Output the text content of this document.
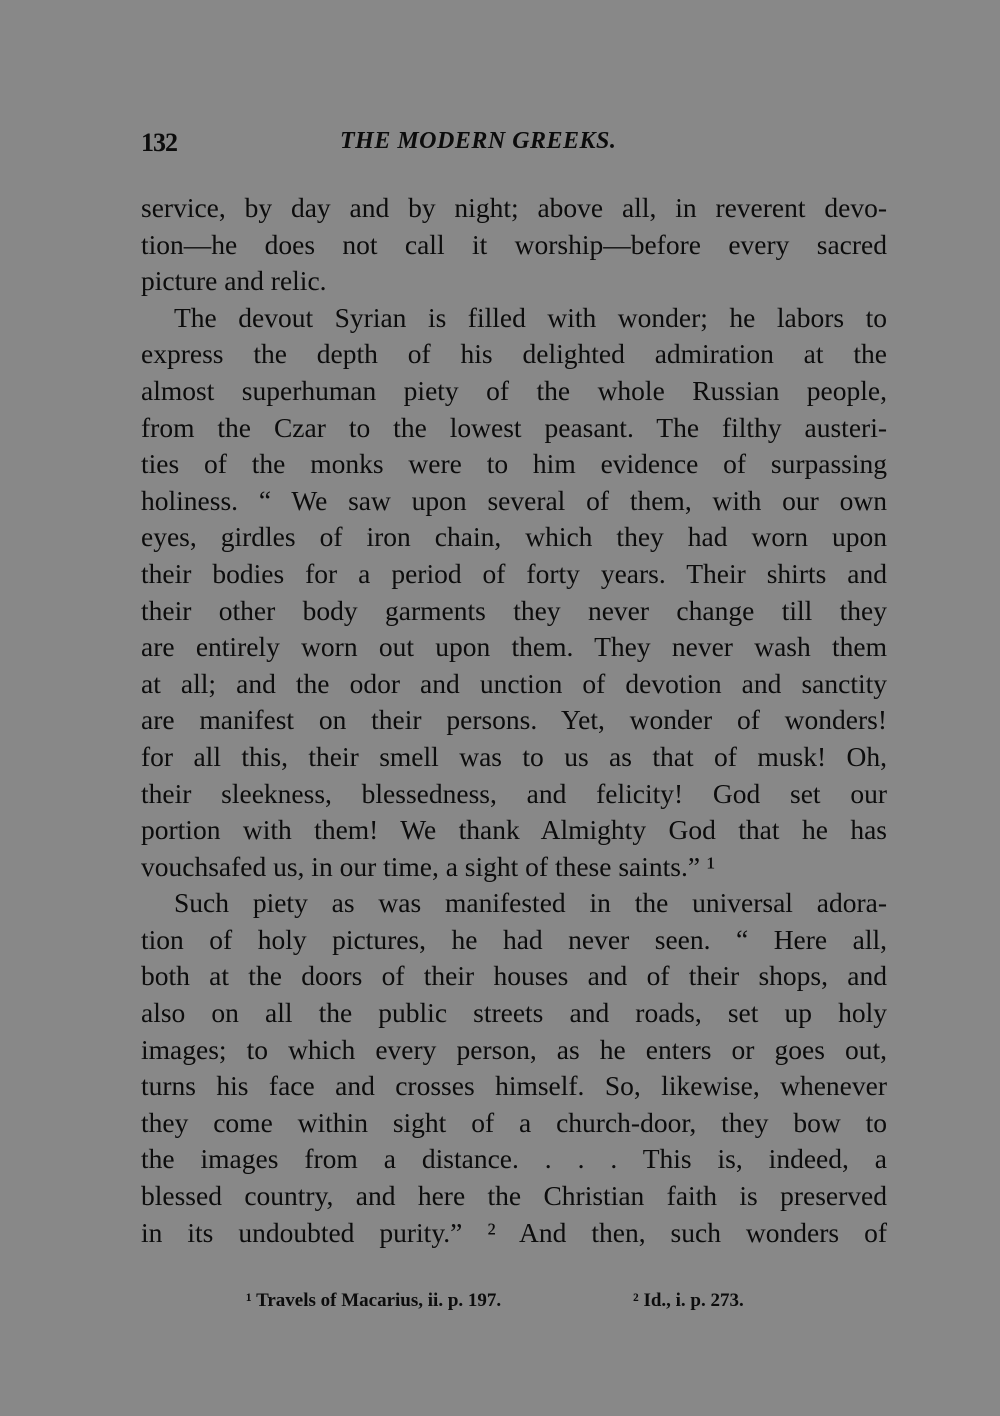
132	THE MODERN GREEKS.
service, by day and by night; above all, in reverent devo-
tion—he does not call it worship—before every sacred
picture and relic.
The devout Syrian is filled with wonder; he labors to
express the depth of his delighted admiration at the
almost superhuman piety of the whole Russian people,
from the Czar to the lowest peasant. The filthy austeri-
ties of the monks were to him evidence of surpassing
holiness. “ We saw upon several of them, with our own
eyes, girdles of iron chain, which they had worn upon
their bodies for a period of forty years. Their shirts and
their other body garments they never change till they
are entirely worn out upon them. They never wash them
at all; and the odor and unction of devotion and sanctity
are manifest on their persons. Yet, wonder of wonders!
for all this, their smell was to us as that of musk! Oh,
their sleekness, blessedness, and felicity! God set our
portion with them! We thank Almighty God that he has
vouchsafed us, in our time, a sight of these saints.” ¹
Such piety as was manifested in the universal adora-
tion of holy pictures, he had never seen. “ Here all,
both at the doors of their houses and of their shops, and
also on all the public streets and roads, set up holy
images; to which every person, as he enters or goes out,
turns his face and crosses himself. So, likewise, whenever
they come within sight of a church-door, they bow to
the images from a distance. . . . This is, indeed, a
blessed country, and here the Christian faith is preserved
in its undoubted purity.” ² And then, such wonders of
¹ Travels of Macarius, ii. p. 197.	² Id., i. p. 273.
